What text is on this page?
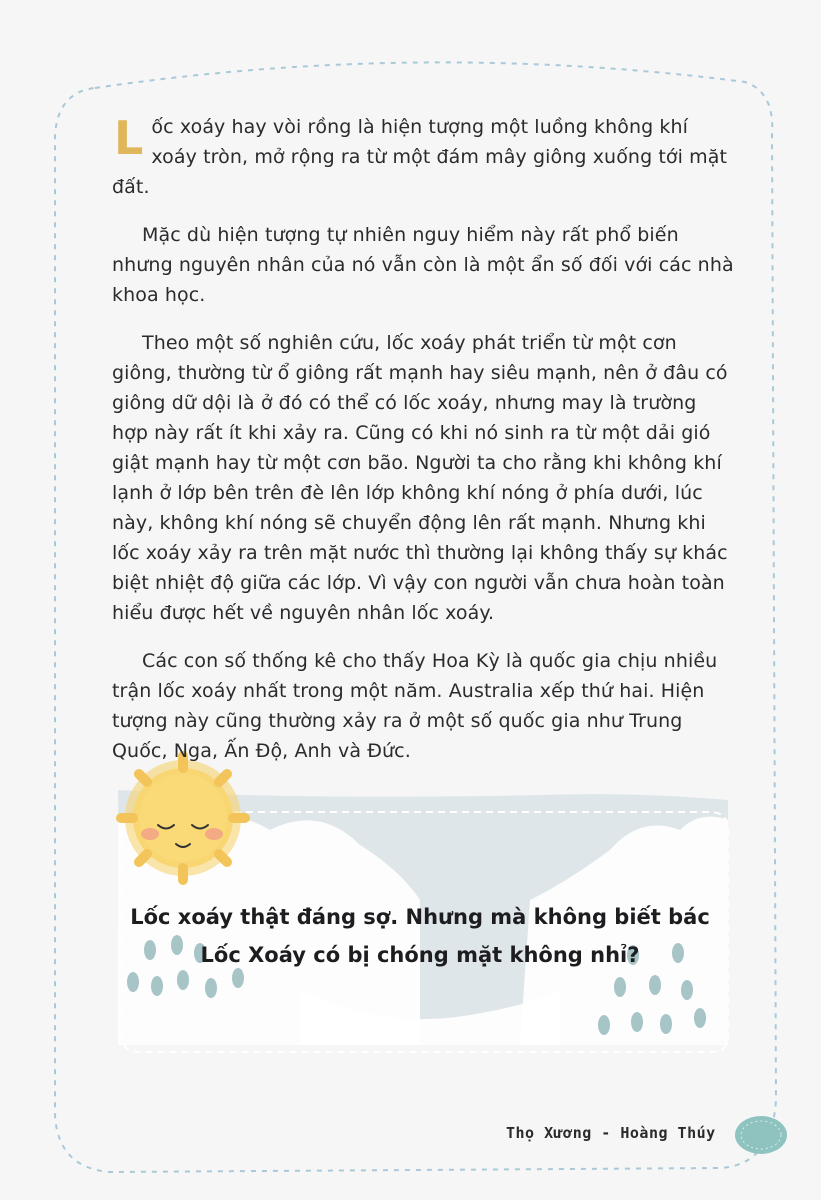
Lốc xoáy hay vòi rồng là hiện tượng một luồng không khí xoáy tròn, mở rộng ra từ một đám mây giông xuống tới mặt đất.

Mặc dù hiện tượng tự nhiên nguy hiểm này rất phổ biến nhưng nguyên nhân của nó vẫn còn là một ẩn số đối với các nhà khoa học.

Theo một số nghiên cứu, lốc xoáy phát triển từ một cơn giông, thường từ ổ giông rất mạnh hay siêu mạnh, nên ở đâu có giông dữ dội là ở đó có thể có lốc xoáy, nhưng may là trường hợp này rất ít khi xảy ra. Cũng có khi nó sinh ra từ một dải gió giật mạnh hay từ một cơn bão. Người ta cho rằng khi không khí lạnh ở lớp bên trên đè lên lớp không khí nóng ở phía dưới, lúc này, không khí nóng sẽ chuyển động lên rất mạnh. Nhưng khi lốc xoáy xảy ra trên mặt nước thì thường lại không thấy sự khác biệt nhiệt độ giữa các lớp. Vì vậy con người vẫn chưa hoàn toàn hiểu được hết về nguyên nhân lốc xoáy.

Các con số thống kê cho thấy Hoa Kỳ là quốc gia chịu nhiều trận lốc xoáy nhất trong một năm. Australia xếp thứ hai. Hiện tượng này cũng thường xảy ra ở một số quốc gia như Trung Quốc, Nga, Ấn Độ, Anh và Đức.

Lốc xoáy thật đáng sợ. Nhưng mà không biết bác Lốc Xoáy có bị chóng mặt không nhỉ?
Thọ Xương - Hoàng Thúy
